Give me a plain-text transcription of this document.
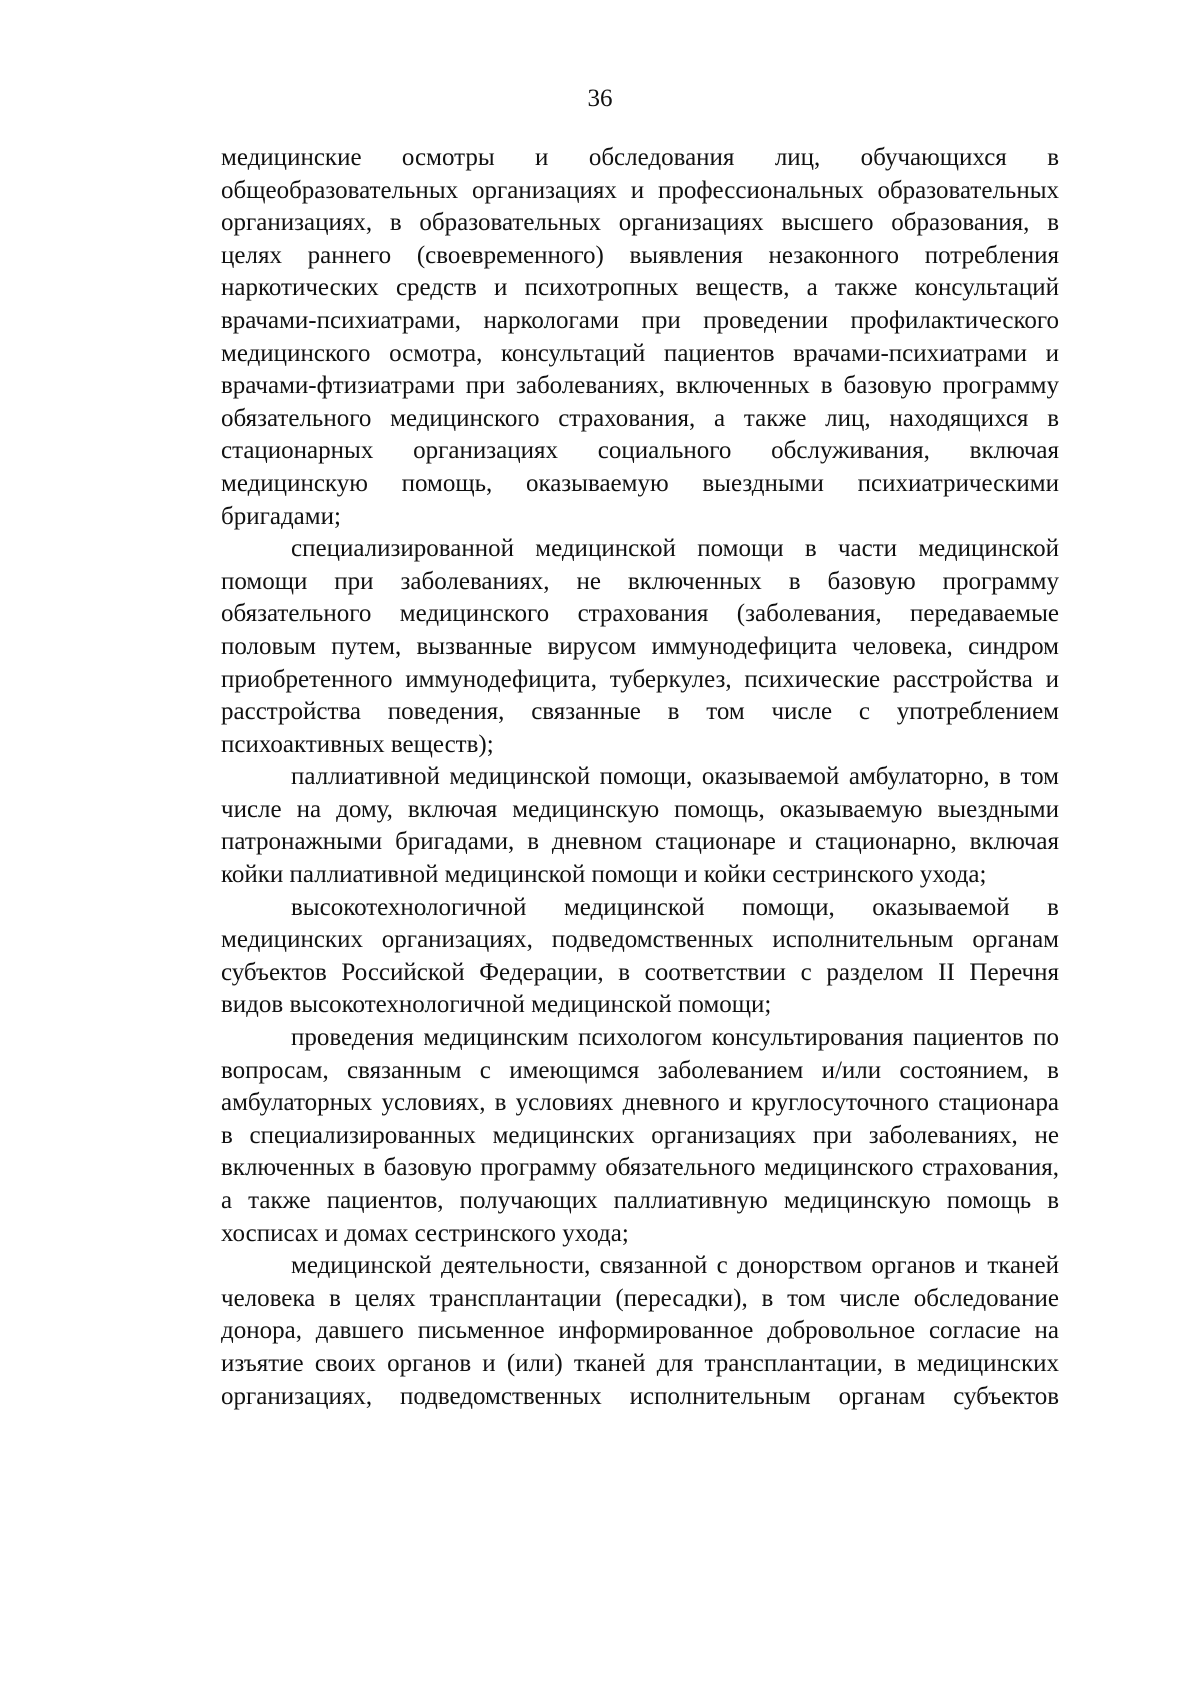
36
медицинские осмотры и обследования лиц, обучающихся в
общеобразовательных организациях и профессиональных образовательных
организациях, в образовательных организациях высшего образования, в
целях раннего (своевременного) выявления незаконного потребления
наркотических средств и психотропных веществ, а также консультаций
врачами-психиатрами, наркологами при проведении профилактического
медицинского осмотра, консультаций пациентов врачами-психиатрами и
врачами-фтизиатрами при заболеваниях, включенных в базовую программу
обязательного медицинского страхования, а также лиц, находящихся в
стационарных организациях социального обслуживания, включая
медицинскую помощь, оказываемую выездными психиатрическими
бригадами;
специализированной медицинской помощи в части медицинской
помощи при заболеваниях, не включенных в базовую программу
обязательного медицинского страхования (заболевания, передаваемые
половым путем, вызванные вирусом иммунодефицита человека, синдром
приобретенного иммунодефицита, туберкулез, психические расстройства и
расстройства поведения, связанные в том числе с употреблением
психоактивных веществ);
паллиативной медицинской помощи, оказываемой амбулаторно, в том
числе на дому, включая медицинскую помощь, оказываемую выездными
патронажными бригадами, в дневном стационаре и стационарно, включая
койки паллиативной медицинской помощи и койки сестринского ухода;
высокотехнологичной медицинской помощи, оказываемой в
медицинских организациях, подведомственных исполнительным органам
субъектов Российской Федерации, в соответствии с разделом II Перечня
видов высокотехнологичной медицинской помощи;
проведения медицинским психологом консультирования пациентов по
вопросам, связанным с имеющимся заболеванием и/или состоянием, в
амбулаторных условиях, в условиях дневного и круглосуточного стационара
в специализированных медицинских организациях при заболеваниях, не
включенных в базовую программу обязательного медицинского страхования,
а также пациентов, получающих паллиативную медицинскую помощь в
хосписах и домах сестринского ухода;
медицинской деятельности, связанной с донорством органов и тканей
человека в целях трансплантации (пересадки), в том числе обследование
донора, давшего письменное информированное добровольное согласие на
изъятие своих органов и (или) тканей для трансплантации, в медицинских
организациях, подведомственных исполнительным органам субъектов
